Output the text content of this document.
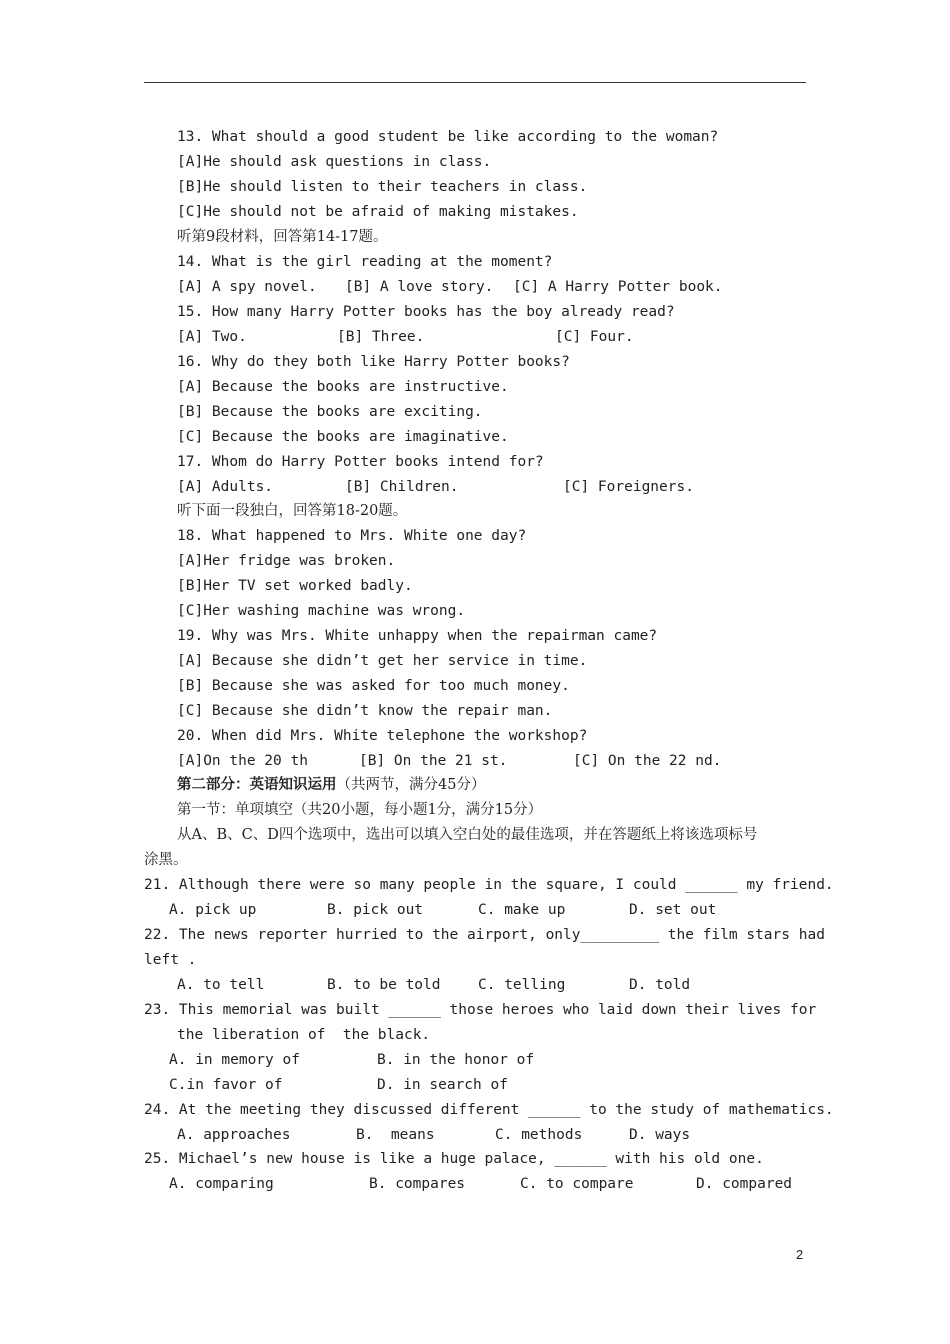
13. What should a good student be like according to the woman?
[A]He should ask questions in class.
[B]He should listen to their teachers in class.
[C]He should not be afraid of making mistakes.
听第9段材料，回答第14-17题。
14. What is the girl reading at the moment?
[A] A spy novel. [B] A love story. [C] A Harry Potter book.
15. How many Harry Potter books has the boy already read?
[A] Two.	[B] Three.	[C] Four.
16. Why do they both like Harry Potter books?
[A] Because the books are instructive.
[B] Because the books are exciting.
[C] Because the books are imaginative.
17. Whom do Harry Potter books intend for?
[A] Adults.	[B] Children.	[C] Foreigners.
听下面一段独白，回答第18-20题。
18. What happened to Mrs. White one day?
[A]Her fridge was broken.
[B]Her TV set worked badly.
[C]Her washing machine was wrong.
19. Why was Mrs. White unhappy when the repairman came?
[A] Because she didn’t get her service in time.
[B] Because she was asked for too much money.
[C] Because she didn’t know the repair man.
20. When did Mrs. White telephone the workshop?
[A]On the 20 th	[B] On the 21 st.	[C] On the 22 nd.
第二部分：英语知识运用（共两节，满分45分）
第一节：单项填空（共20小题，每小题1分，满分15分）
从A、B、C、D四个选项中，选出可以填入空白处的最佳选项，并在答题纸上将该选项标号
涂黑。
21. Although there were so many people in the square, I could ______ my friend.
A. pick up	B. pick out	C. make up	D. set out
22. The news reporter hurried to the airport, only_________ the film stars had
left .
A. to tell	B. to be told	C. telling	D. told
23. This memorial was built ______ those heroes who laid down their lives for
the liberation of  the black.
A. in memory of	B. in the honor of
C.in favor of	D. in search of
24. At the meeting they discussed different ______ to the study of mathematics.
A. approaches	B.  means	C. methods	D. ways
25. Michael’s new house is like a huge palace, ______ with his old one.
A. comparing	B. compares	C. to compare	D. compared
2
